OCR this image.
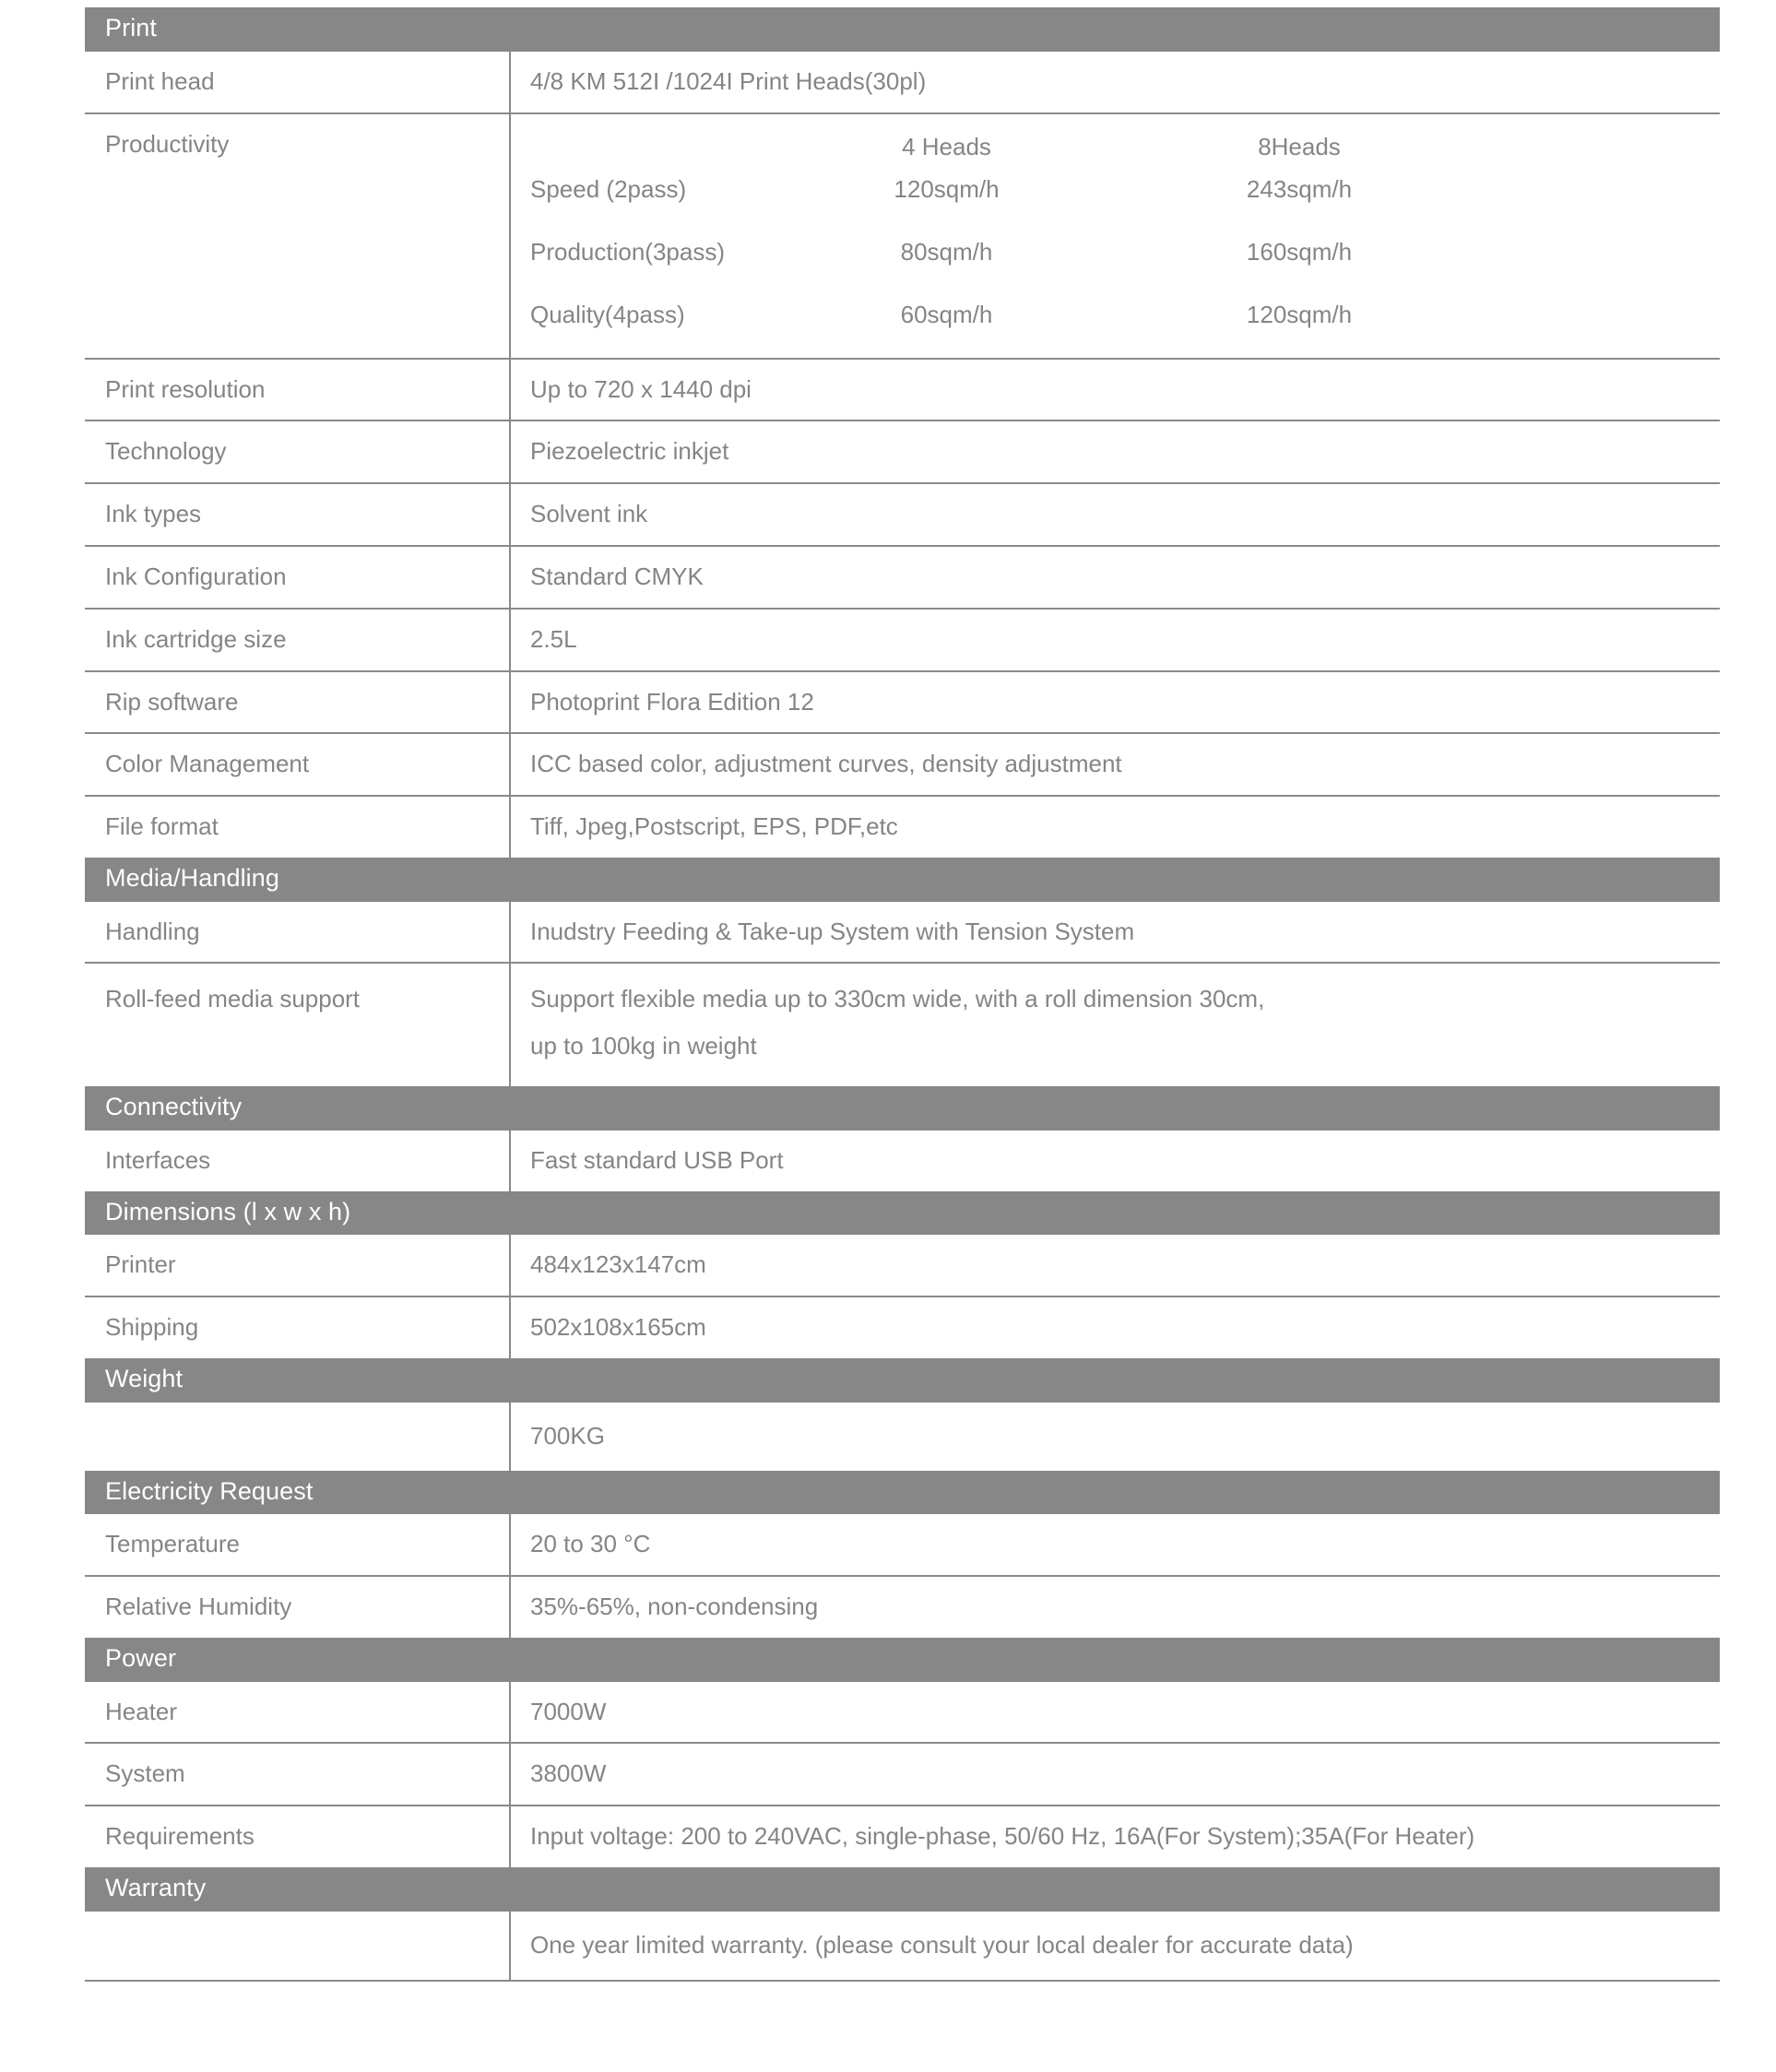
Print
Print head	4/8 KM 512I /1024I Print Heads(30pl)
Productivity	
		4 Heads	8Heads	
Speed (2pass)	120sqm/h	243sqm/h	

Production(3pass)	80sqm/h	160sqm/h	

Quality(4pass)	60sqm/h	120sqm/h	

Print resolution	Up to 720 x 1440 dpi
Technology	Piezoelectric inkjet
Ink types	Solvent ink
Ink Configuration	Standard CMYK
Ink cartridge size	2.5L
Rip software	Photoprint Flora Edition 12
Color Management	ICC based color, adjustment curves, density adjustment
File format	Tiff, Jpeg,Postscript, EPS, PDF,etc
Media/Handling
Handling	Inudstry Feeding & Take-up System with Tension System
Roll-feed media support	Support flexible media up to 330cm wide, with a roll dimension 30cm,
up to 100kg in weight

Connectivity
Interfaces	Fast standard USB Port
Dimensions (l x w x h)
Printer	484x123x147cm
Shipping	502x108x165cm
Weight
	700KG
Electricity Request
Temperature	20 to 30 °C
Relative Humidity	35%-65%, non-condensing
Power
Heater	7000W
System	3800W
Requirements	Input voltage: 200 to 240VAC, single-phase, 50/60 Hz, 16A(For System);35A(For Heater)
Warranty
	One year limited warranty. (please consult your local dealer for accurate data)
